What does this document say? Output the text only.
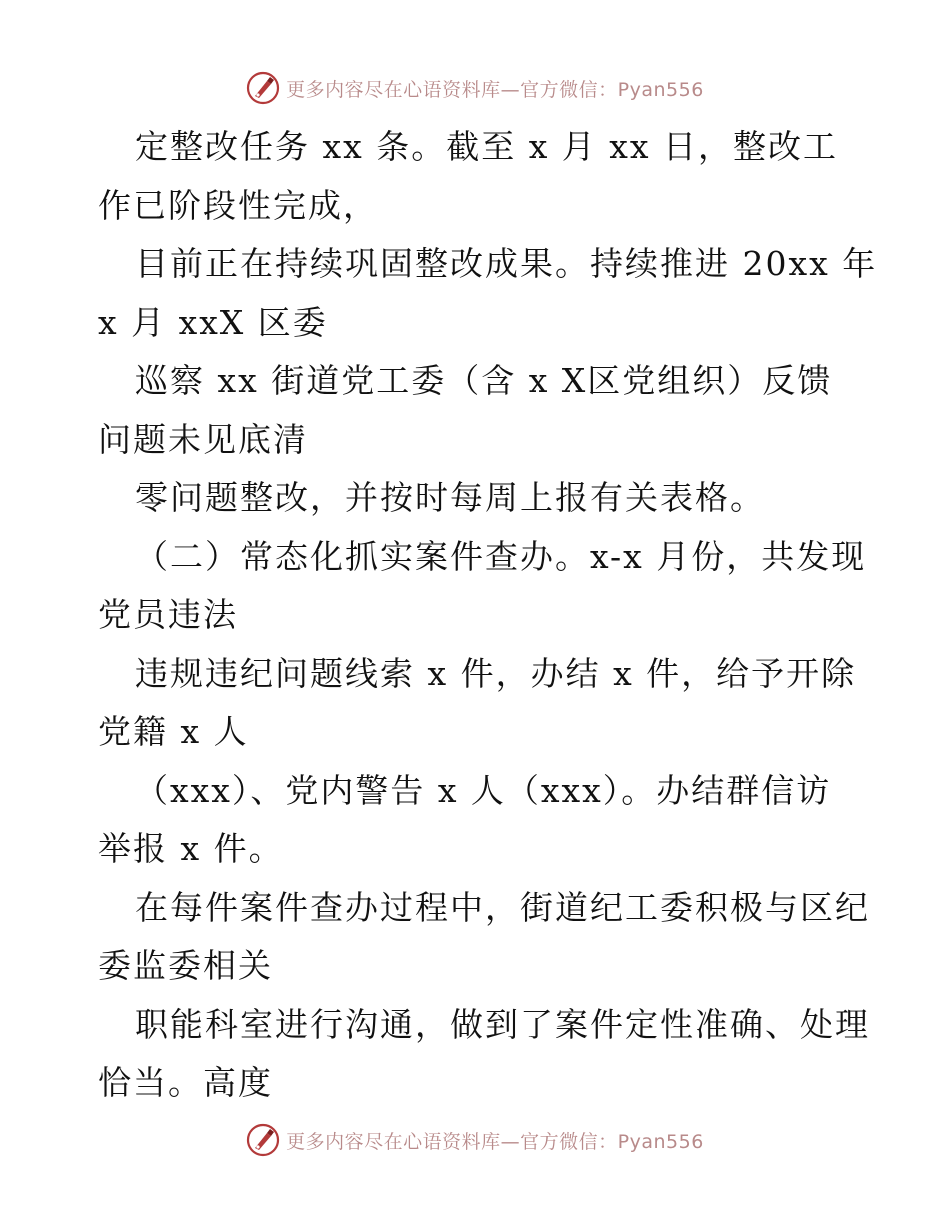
更多内容尽在心语资料库—官方微信：Pyan556
定整改任务 xx 条。截至 x 月 xx 日，整改工
作已阶段性完成，
目前正在持续巩固整改成果。持续推进 20xx 年
x 月 xxX 区委
巡察 xx 街道党工委（含 x X区党组织）反馈
问题未见底清
零问题整改，并按时每周上报有关表格。
（二）常态化抓实案件查办。x-x 月份，共发现
党员违法
违规违纪问题线索 x 件，办结 x 件，给予开除
党籍 x 人
（xxx）、党内警告 x 人（xxx）。办结群信访
举报 x 件。
在每件案件查办过程中，街道纪工委积极与区纪
委监委相关
职能科室进行沟通，做到了案件定性准确、处理
恰当。高度
更多内容尽在心语资料库—官方微信：Pyan556
